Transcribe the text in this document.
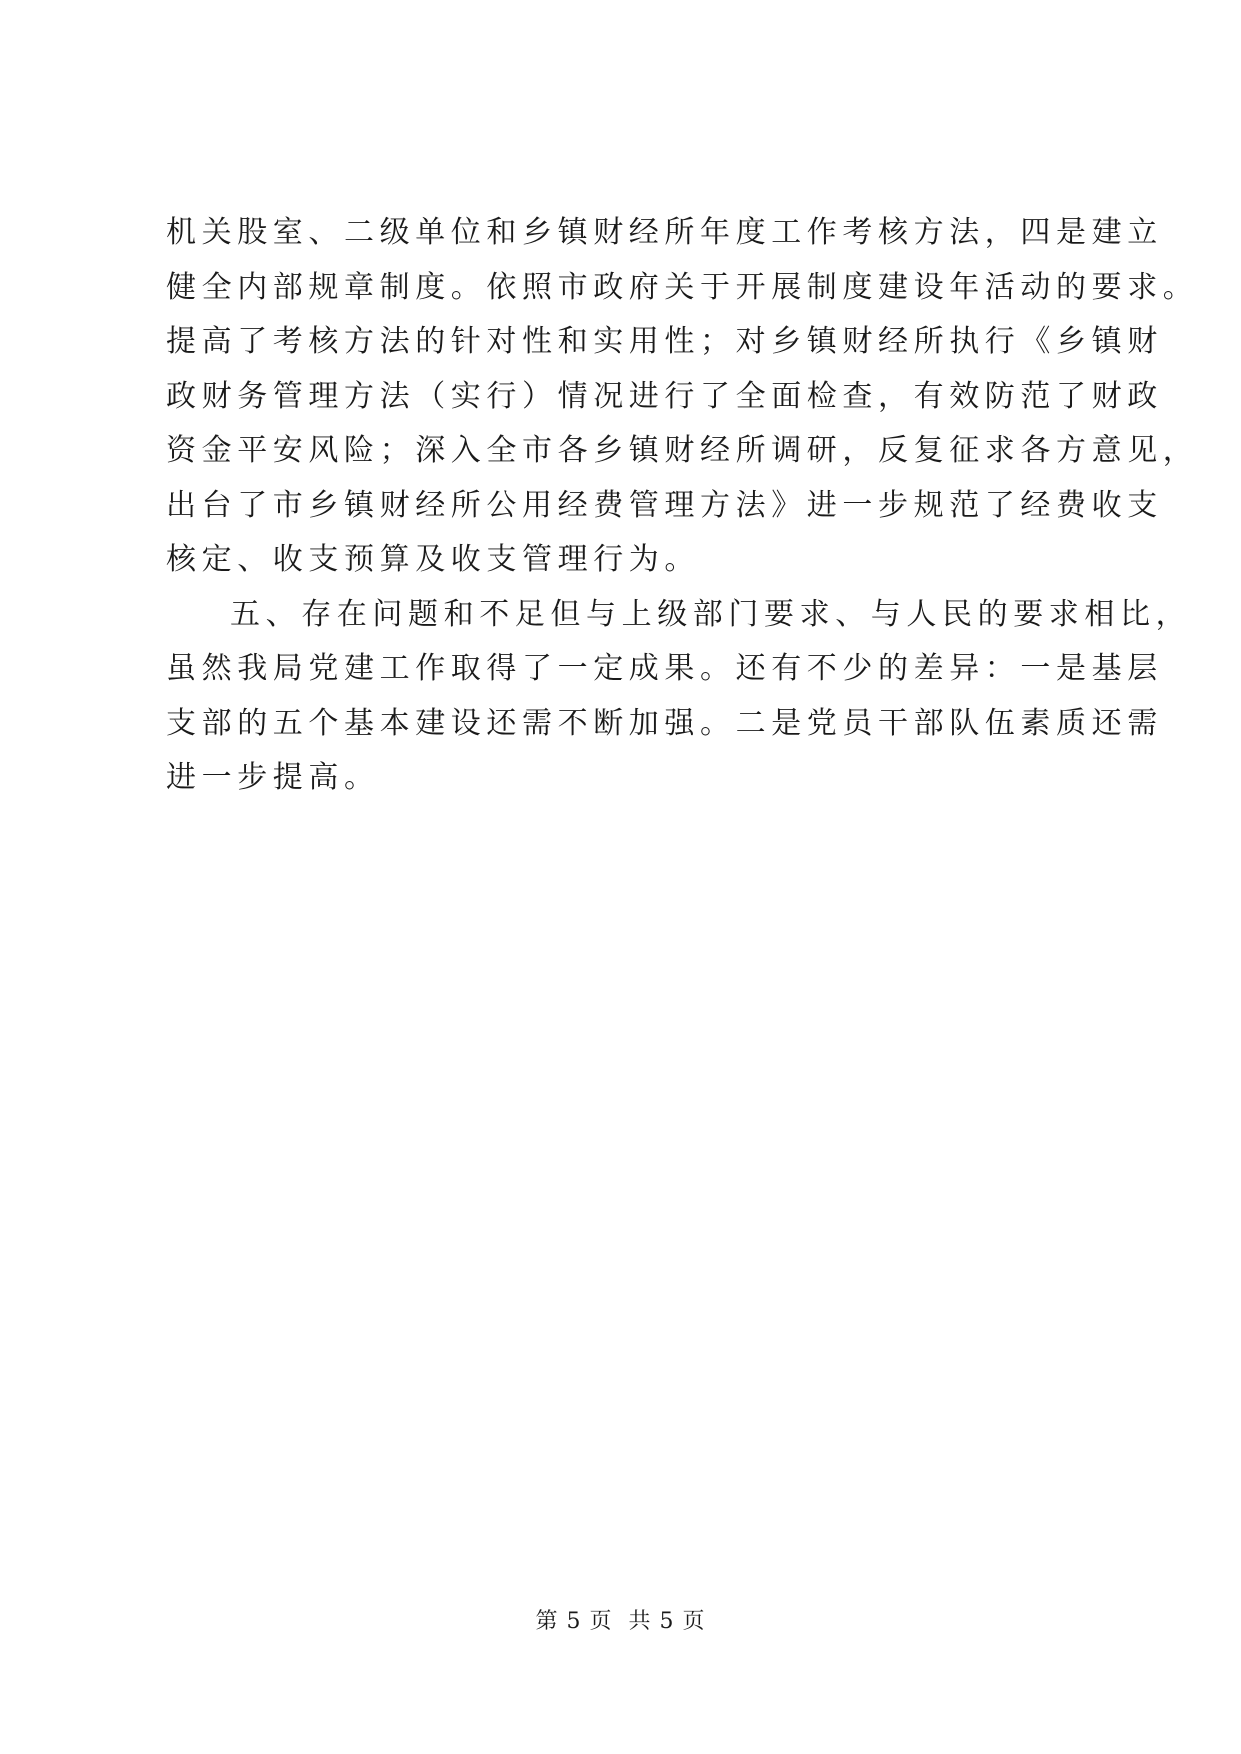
机关股室、二级单位和乡镇财经所年度工作考核方法，四是建立
健全内部规章制度。依照市政府关于开展制度建设年活动的要求。
提高了考核方法的针对性和实用性；对乡镇财经所执行《乡镇财
政财务管理方法（实行）情况进行了全面检查，有效防范了财政
资金平安风险；深入全市各乡镇财经所调研，反复征求各方意见，
出台了市乡镇财经所公用经费管理方法》进一步规范了经费收支
核定、收支预算及收支管理行为。
五、存在问题和不足但与上级部门要求、与人民的要求相比，
虽然我局党建工作取得了一定成果。还有不少的差异：一是基层
支部的五个基本建设还需不断加强。二是党员干部队伍素质还需
进一步提高。
第 5 页  共 5 页
